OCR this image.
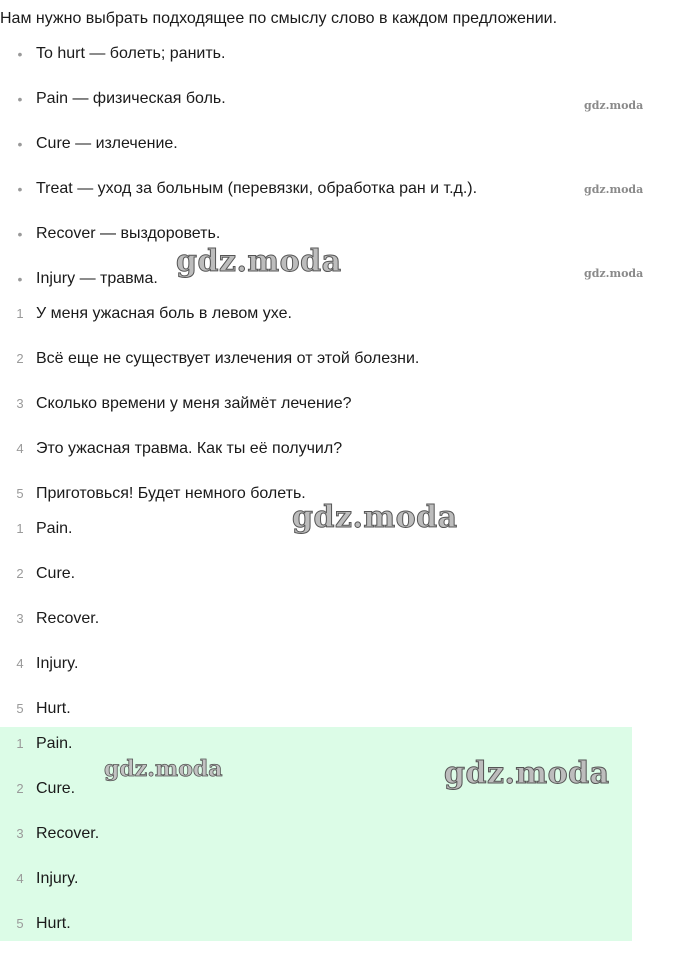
Нам нужно выбрать подходящее по смыслу слово в каждом предложении.

• To hurt — болеть; ранить.
• Pain — физическая боль.
• Cure — излечение.
• Treat — уход за больным (перевязки, обработка ран и т.д.).
• Recover — выздороветь.
• Injury — травма.
1 У меня ужасная боль в левом ухе.
2 Всё еще не существует излечения от этой болезни.
3 Сколько времени у меня займёт лечение?
4 Это ужасная травма. Как ты её получил?
5 Приготовься! Будет немного болеть.
1 Pain.
2 Cure.
3 Recover.
4 Injury.
5 Hurt.
1 Pain.
2 Cure.
3 Recover.
4 Injury.
5 Hurt.
gdz.moda
gdz.moda
gdz.moda
gdz.moda
gdz.moda
gdz.moda	gdz.moda
